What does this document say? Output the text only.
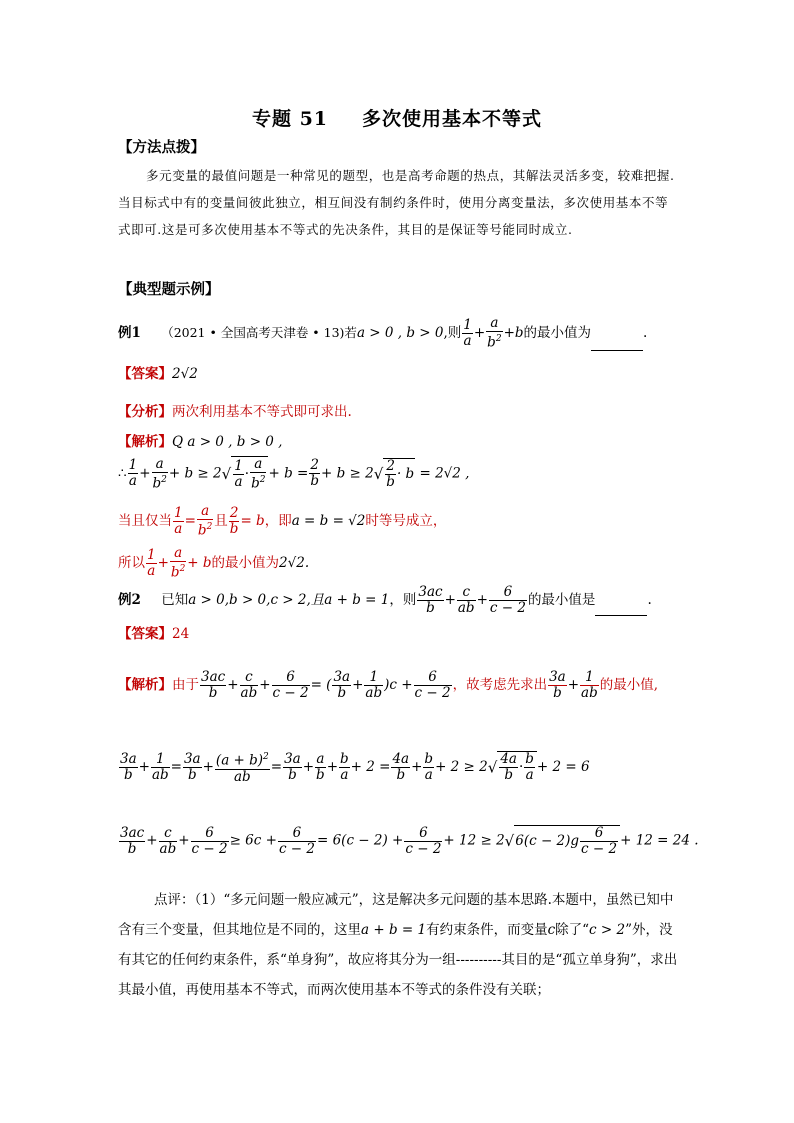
专题 51 多次使用基本不等式
【方法点拨】
多元变量的最值问题是一种常见的题型，也是高考命题的热点，其解法灵活多变，较难把握.当目标式中有的变量间彼此独立，相互间没有制约条件时，使用分离变量法，多次使用基本不等式即可.这是可多次使用基本不等式的先决条件，其目的是保证等号能同时成立.
【典型题示例】
例1 （2021 • 全国高考天津卷 • 13)若a > 0 , b > 0,则 $\frac{1}{a} + \frac{a}{b^2} +b$的最小值为	.
【答案】2√2
【分析】两次利用基本不等式即可求出.
【解析】Q a > 0 , b > 0 ,
∴ $\frac{1}{a} + \frac{a}{b^2} + b \ge 2√ \frac{1}{a} \cdot \frac{a}{b^2} + b = \frac{2}{b} + b \ge 2√ \frac{2}{b} \cdot b = 2√2$ ,
当且仅当 $\frac{1}{a} = \frac{a}{b^2}$ 且 $\frac{2}{b} = b$，即a = b = √2时等号成立，
所以 $\frac{1}{a} + \frac{a}{b^2} + b$的最小值为2√2.
例2 已知a > 0,b > 0,c > 2,且a + b = 1，则 $\frac{3ac}{b} + \frac{c}{ab} + \frac{6}{c - 2}$ 的最小值是	.
【答案】24
【解析】由于 $\frac{3ac}{b} + \frac{c}{ab} + \frac{6}{c - 2}$ = ( $\frac{3a}{b} + \frac{1}{ab} )c + \frac{6}{c - 2}$ ，故考虑先求出 $\frac{3a}{b} + \frac{1}{ab}$ 的最小值,
$\frac{3a}{b} + \frac{1}{ab} = \frac{3a}{b} + \frac{(a + b)^2}{ab} = \frac{3a}{b} + \frac{a}{b} + \frac{b}{a} + 2 = \frac{4a}{b} + \frac{b}{a} + 2 \ge 2√ \frac{4a}{b} \cdot \frac{b}{a} + 2 = 6$
$\frac{3ac}{b} + \frac{c}{ab} + \frac{6}{c - 2} \ge 6c + \frac{6}{c - 2} = 6(c - 2) + \frac{6}{c - 2} + 12 \ge 2√6(c - 2)g \frac{6}{c - 2} + 12 = 24$ .
点评：（1）“多元问题一般应减元”，这是解决多元问题的基本思路.本题中，虽然已知中含有三个变量，但其地位是不同的，这里a + b = 1有约束条件，而变量c除了“c > 2”外，没有其它的任何约束条件，系“单身狗”，故应将其分为一组----------其目的是“孤立单身狗”，求出其最小值，再使用基本不等式，而两次使用基本不等式的条件没有关联；
